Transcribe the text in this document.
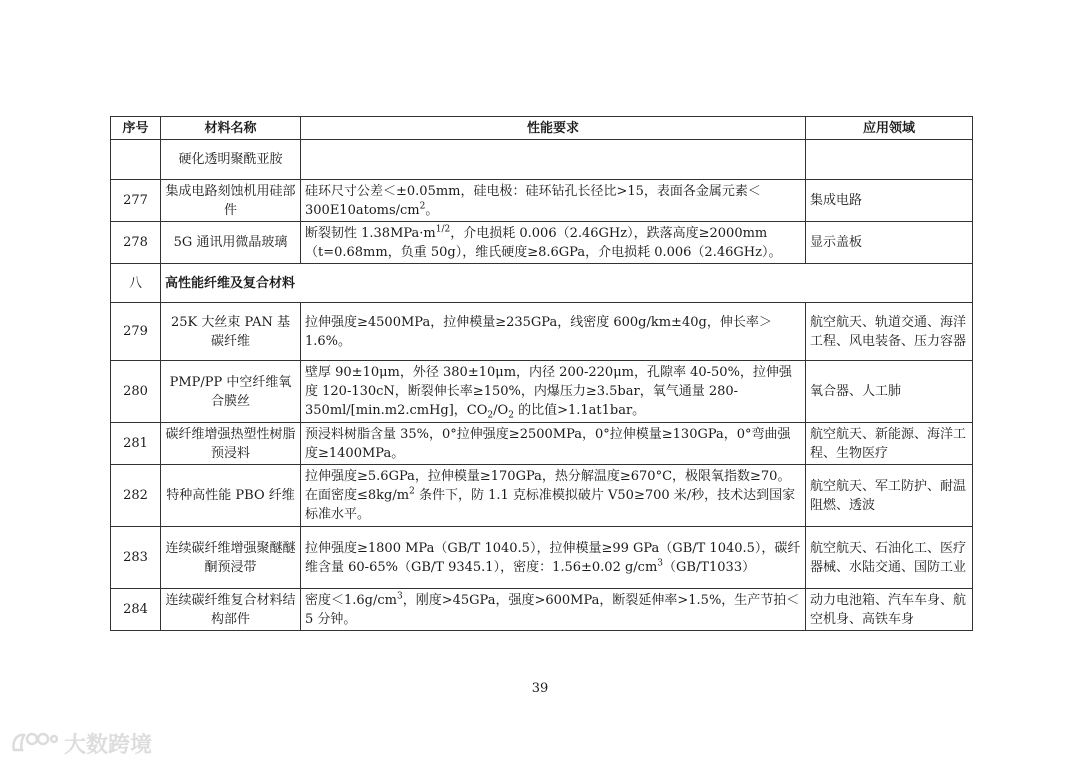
序号	材料名称	性能要求	应用领域
	硬化透明聚酰亚胺		
277	集成电路刻蚀机用硅部件	硅环尺寸公差＜±0.05mm，硅电极：硅环钻孔长径比>15，表面各金属元素$<300E10atoms/cm^2$。	集成电路
278	5G 通讯用微晶玻璃	断裂韧性 $1.38MPa\cdot m^{1/2}$，介电损耗 0.006（2.46GHz），跌落高度≥2000mm（t=0.68mm，负重 50g），维氏硬度≥8.6GPa，介电损耗 0.006（2.46GHz）。	显示盖板
八	高性能纤维及复合材料		
279	25K 大丝束 PAN 基碳纤维	拉伸强度≥4500MPa，拉伸模量≥235GPa，线密度 600g/km±40g，伸长率＞1.6%。	航空航天、轨道交通、海洋工程、风电装备、压力容器
280	PMP/PP 中空纤维氧合膜丝	壁厚 90±10μm，外径 380±10μm，内径 200-220μm，孔隙率 40-50%，拉伸强度 120-130cN，断裂伸长率≥150%，内爆压力≥3.5bar，氧气通量 280-350ml/[min.m2.cmHg]，$CO_2/O_2$ 的比值>1.1at1bar。	氧合器、人工肺
281	碳纤维增强热塑性树脂预浸料	预浸料树脂含量 35%，0°拉伸强度≥2500MPa，0°拉伸模量≥130GPa，0°弯曲强度≥1400MPa。	航空航天、新能源、海洋工程、生物医疗
282	特种高性能 PBO 纤维	拉伸强度≥5.6GPa，拉伸模量≥170GPa，热分解温度≥670°C，极限氧指数≥70。在面密度$\le 8kg/m^2$ 条件下，防 1.1 克标准模拟破片 V50≥700 米/秒，技术达到国家标准水平。	航空航天、军工防护、耐温阻燃、透波
283	连续碳纤维增强聚醚醚酮预浸带	拉伸强度≥1800 MPa（GB/T 1040.5），拉伸模量≥99 GPa（GB/T 1040.5），碳纤维含量 60-65%（GB/T 9345.1），密度：1.56±0.02 $g/cm^3(GB/T1033)$	航空航天、石油化工、医疗器械、水陆交通、国防工业
284	连续碳纤维复合材料结构部件	密度$<1.6g/cm^3$，刚度>45GPa，强度>600MPa，断裂延伸率>1.5%，生产节拍＜5 分钟。	动力电池箱、汽车车身、航空机身、高铁车身
39
大数跨境
